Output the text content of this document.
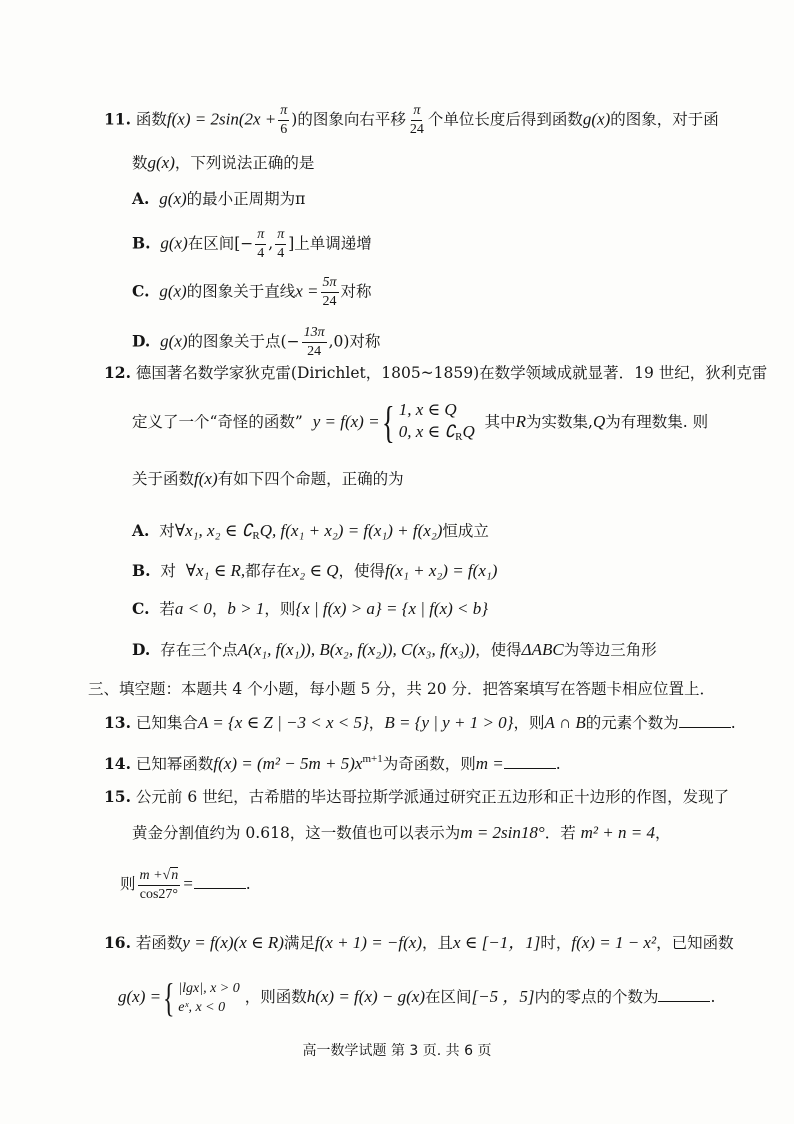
11. 函数$f(x) = 2\sin(2x + \frac{\pi}{6}$ )的图象向右平移 $\frac{\pi}{24}$ 个单位长度后得到函数g(x)的图象，对于函
数g(x)，下列说法正确的是
A. g(x)的最小正周期为π
B. g(x)在区间[− $\frac{\pi}{4}$ , $\frac{\pi}{4}$ ]上单调递增
C. g(x)的图象关于直线$x = \frac{5\pi}{24}$ 对称
D. g(x)的图象关于点(− $\frac{13\pi}{24} ,0$)对称
12. 德国著名数学家狄克雷(Dirichlet，1805~1859)在数学领域成就显著．19 世纪，狄利克雷
定义了一个“奇怪的函数” y = f(x) ={ 1, x ∈ Q
0, x ∈ $∁_RQ$ 其中R为实数集,Q为有理数集. 则
关于函数f(x)有如下四个命题，正确的为
A. 对∀x₁, x₂ ∈ $∁_RQ$, f(x₁ + x₂) = f(x₁) + f(x₂)恒成立
B. 对 ∀x₁ ∈ R,都存在x₂ ∈ Q，使得f(x₁ + x₂) = f(x₁)
C. 若a < 0，b > 1，则{x | f(x) > a} = {x | f(x) < b}
D. 存在三个点A(x₁, f(x₁)), B(x₂, f(x₂)), C(x₃, f(x₃))，使得ΔABC为等边三角形
三、填空题：本题共 4 个小题，每小题 5 分，共 20 分．把答案填写在答题卡相应位置上．
13. 已知集合A = {x ∈ Z | −3 < x < 5}，B = {y | y + 1 > 0}，则A ∩ B的元素个数为	.
14. 已知幂函数$f(x) = (m^2 - 5m + 5)x^{m+1}$为奇函数，则m =	.
15. 公元前 6 世纪，古希腊的毕达哥拉斯学派通过研究正五边形和正十边形的作图，发现了
黄金分割值约为 0.618，这一数值也可以表示为m = 2sin18°．若 m² + n = 4，
则 $\frac{m +√n}{\cos 27^\circ}$ =	.
16. 若函数y = f(x)(x ∈ R)满足f(x + 1) = −f(x)，且x ∈ [−1，1]时，f(x) = 1 − x²，已知函数
g(x) ={ |lgx|, x > 0
eˣ, x < 0
，则函数h(x) = f(x) − g(x)在区间[−5 ，5]内的零点的个数为	.
高一数学试题 第 3 页. 共 6 页
